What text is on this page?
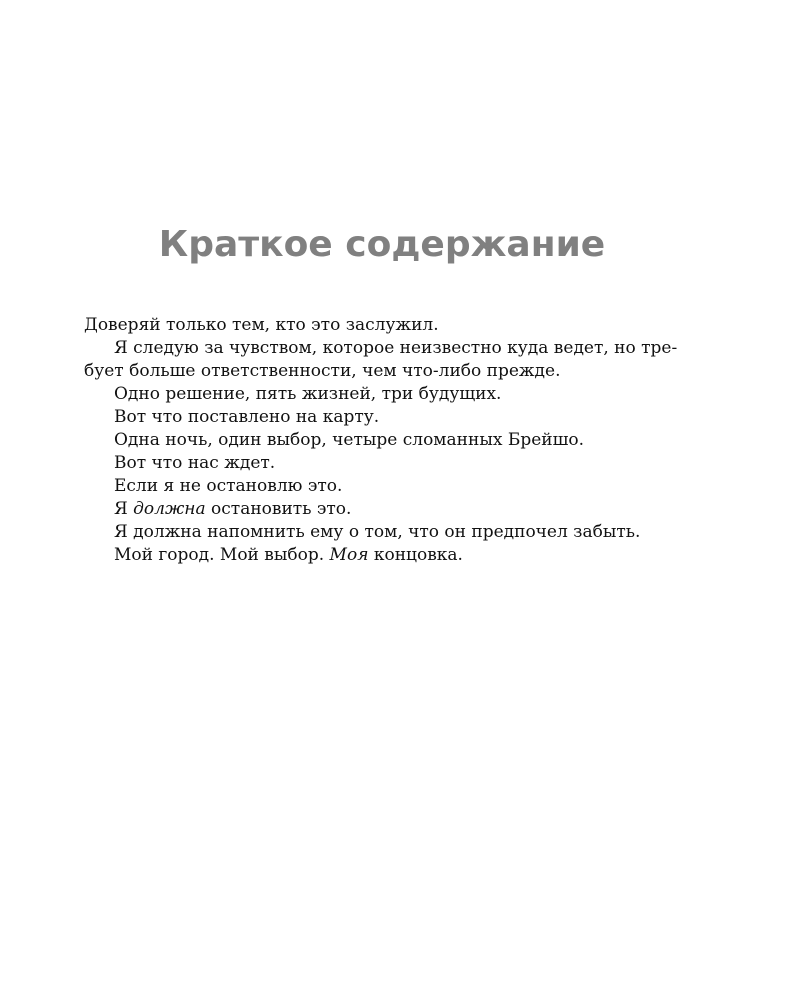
Краткое содержание
Доверяй только тем, кто это заслужил.
Я следую за чувством, которое неизвестно куда ведет, но тре-
бует больше ответственности, чем что-либо прежде.
Одно решение, пять жизней, три будущих.
Вот что поставлено на карту.
Одна ночь, один выбор, четыре сломанных Брейшо.
Вот что нас ждет.
Если я не остановлю это.
Я должна остановить это.
Я должна напомнить ему о том, что он предпочел забыть.
Мой город. Мой выбор. Моя концовка.
